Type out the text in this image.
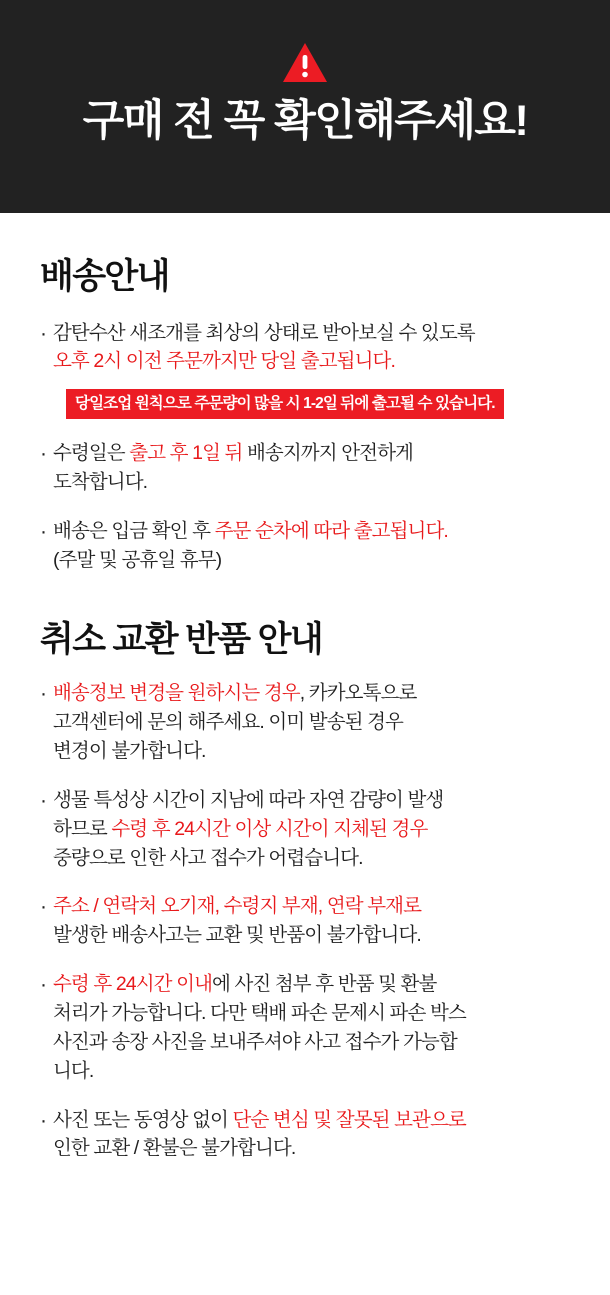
구매 전 꼭 확인해주세요!
배송안내
· 감탄수산 새조개를 최상의 상태로 받아보실 수 있도록
오후 2시 이전 주문까지만 당일 출고됩니다.
당일조업 원칙으로 주문량이 많을 시 1-2일 뒤에 출고될 수 있습니다.
· 수령일은 출고 후 1일 뒤 배송지까지 안전하게
도착합니다.
· 배송은 입금 확인 후 주문 순차에 따라 출고됩니다.
(주말 및 공휴일 휴무)
취소 교환 반품 안내
· 배송정보 변경을 원하시는 경우, 카카오톡으로
고객센터에 문의 해주세요. 이미 발송된 경우
변경이 불가합니다.
· 생물 특성상 시간이 지남에 따라 자연 감량이 발생
하므로 수령 후 24시간 이상 시간이 지체된 경우
중량으로 인한 사고 접수가 어렵습니다.
· 주소 / 연락처 오기재, 수령지 부재, 연락 부재로
발생한 배송사고는 교환 및 반품이 불가합니다.
· 수령 후 24시간 이내에 사진 첨부 후 반품 및 환불
처리가 가능합니다. 다만 택배 파손 문제시 파손 박스
사진과 송장 사진을 보내주셔야 사고 접수가 가능합
니다.
· 사진 또는 동영상 없이 단순 변심 및 잘못된 보관으로
인한 교환 / 환불은 불가합니다.
